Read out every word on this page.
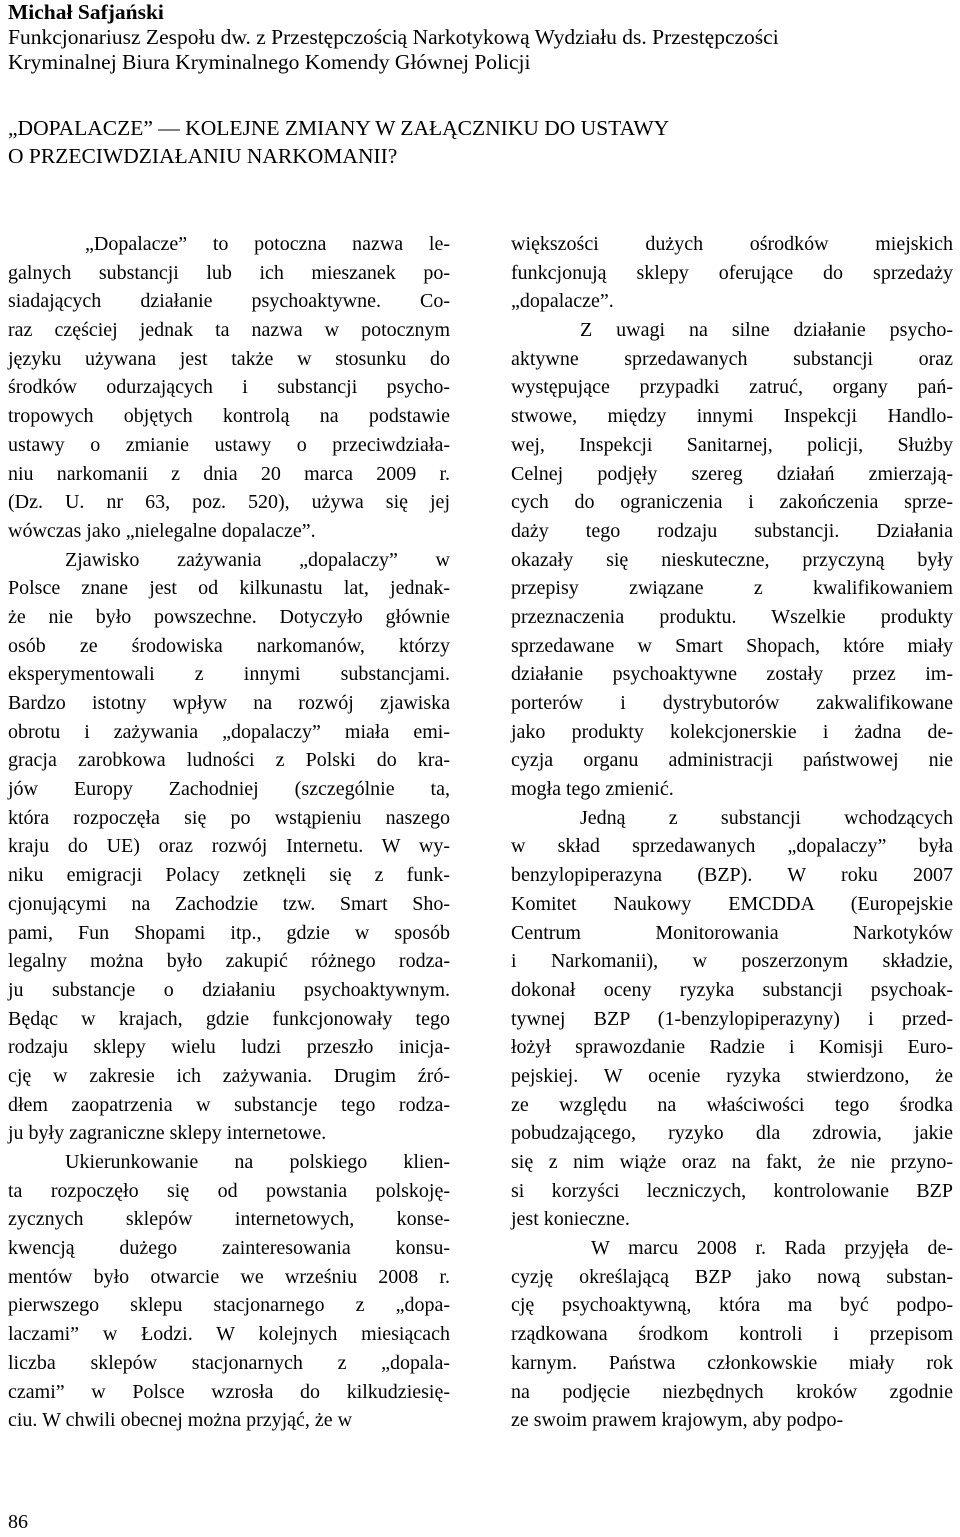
Michał Safjański

Funkcjonariusz Zespołu dw. z Przestępczością Narkotykową Wydziału ds. Przestępczości
Kryminalnej Biura Kryminalnego Komendy Głównej Policji

„DOPALACZE” — KOLEJNE ZMIANY W ZAŁĄCZNIKU DO USTAWY
O PRZECIWDZIAŁANIU NARKOMANII?
„Dopalacze” to potoczna nazwa le-
galnych substancji lub ich mieszanek po-
siadających działanie psychoaktywne. Co-
raz częściej jednak ta nazwa w potocznym
języku używana jest także w stosunku do
środków odurzających i substancji psycho-
tropowych objętych kontrolą na podstawie
ustawy o zmianie ustawy o przeciwdziała-
niu narkomanii z dnia 20 marca 2009 r.
(Dz. U. nr 63, poz. 520), używa się jej
wówczas jako „nielegalne dopalacze”.
Zjawisko zażywania „dopalaczy” w
Polsce znane jest od kilkunastu lat, jednak-
że nie było powszechne. Dotyczyło głównie
osób ze środowiska narkomanów, którzy
eksperymentowali z innymi substancjami.
Bardzo istotny wpływ na rozwój zjawiska
obrotu i zażywania „dopalaczy” miała emi-
gracja zarobkowa ludności z Polski do kra-
jów Europy Zachodniej (szczególnie ta,
która rozpoczęła się po wstąpieniu naszego
kraju do UE) oraz rozwój Internetu. W wy-
niku emigracji Polacy zetknęli się z funk-
cjonującymi na Zachodzie tzw. Smart Sho-
pami, Fun Shopami itp., gdzie w sposób
legalny można było zakupić różnego rodza-
ju substancje o działaniu psychoaktywnym.
Będąc w krajach, gdzie funkcjonowały tego
rodzaju sklepy wielu ludzi przeszło inicja-
cję w zakresie ich zażywania. Drugim źró-
dłem zaopatrzenia w substancje tego rodza-
ju były zagraniczne sklepy internetowe.
Ukierunkowanie na polskiego klien-
ta rozpoczęło się od powstania polskoję-
zycznych sklepów internetowych, konse-
kwencją dużego zainteresowania konsu-
mentów było otwarcie we wrześniu 2008 r.
pierwszego sklepu stacjonarnego z „dopa-
laczami” w Łodzi. W kolejnych miesiącach
liczba sklepów stacjonarnych z „dopala-
czami” w Polsce wzrosła do kilkudziesię-
ciu. W chwili obecnej można przyjąć, że w
większości dużych ośrodków miejskich
funkcjonują sklepy oferujące do sprzedaży
„dopalacze”.
Z uwagi na silne działanie psycho-
aktywne sprzedawanych substancji oraz
występujące przypadki zatruć, organy pań-
stwowe, między innymi Inspekcji Handlo-
wej, Inspekcji Sanitarnej, policji, Służby
Celnej podjęły szereg działań zmierzają-
cych do ograniczenia i zakończenia sprze-
daży tego rodzaju substancji. Działania
okazały się nieskuteczne, przyczyną były
przepisy związane z kwalifikowaniem
przeznaczenia produktu. Wszelkie produkty
sprzedawane w Smart Shopach, które miały
działanie psychoaktywne zostały przez im-
porterów i dystrybutorów zakwalifikowane
jako produkty kolekcjonerskie i żadna de-
cyzja organu administracji państwowej nie
mogła tego zmienić.
Jedną z substancji wchodzących
w skład sprzedawanych „dopalaczy” była
benzylopiperazyna (BZP). W roku 2007
Komitet Naukowy EMCDDA (Europejskie
Centrum Monitorowania Narkotyków
i Narkomanii), w poszerzonym składzie,
dokonał oceny ryzyka substancji psychoak-
tywnej BZP (1-benzylopiperazyny) i przed-
łożył sprawozdanie Radzie i Komisji Euro-
pejskiej. W ocenie ryzyka stwierdzono, że
ze względu na właściwości tego środka
pobudzającego, ryzyko dla zdrowia, jakie
się z nim wiąże oraz na fakt, że nie przyno-
si korzyści leczniczych, kontrolowanie BZP
jest konieczne.
W marcu 2008 r. Rada przyjęła de-
cyzję określającą BZP jako nową substan-
cję psychoaktywną, która ma być podpo-
rządkowana środkom kontroli i przepisom
karnym. Państwa członkowskie miały rok
na podjęcie niezbędnych kroków zgodnie
ze swoim prawem krajowym, aby podpo-
86
